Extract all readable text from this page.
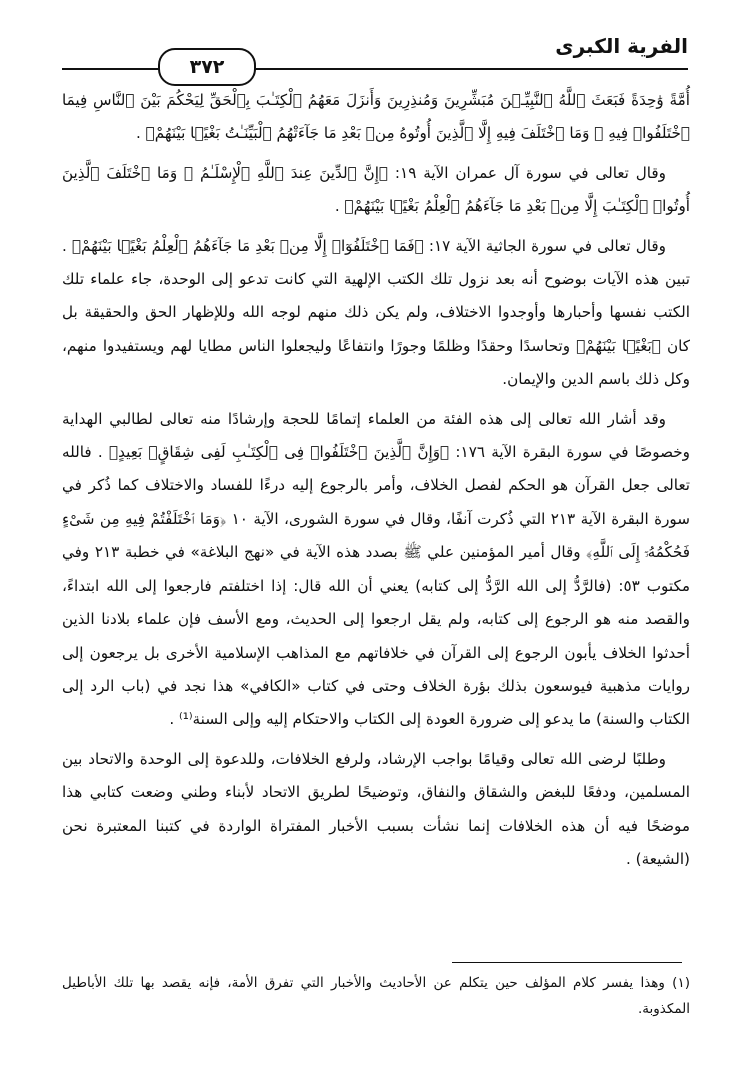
الفرية الكبرى
٣٧٢

أُمَّةً وَٰحِدَةً فَبَعَثَ ٱللَّهُ ٱلنَّبِيِّـۧنَ مُبَشِّرِينَ وَمُنذِرِينَ وَأَنزَلَ مَعَهُمُ ٱلْكِتَـٰبَ بِٱلْحَقِّ لِيَحْكُمَ بَيْنَ ٱلنَّاسِ فِيمَا ٱخْتَلَفُوا۟ فِيهِ ۚ وَمَا ٱخْتَلَفَ فِيهِ إِلَّا ٱلَّذِينَ أُوتُوهُ مِنۢ بَعْدِ مَا جَآءَتْهُمُ ٱلْبَيِّنَـٰتُ بَغْيًۢا بَيْنَهُمْ﴾ .

وقال تعالى في سورة آل عمران الآية ١٩: ﴿إِنَّ ٱلدِّينَ عِندَ ٱللَّهِ ٱلْإِسْلَـٰمُ ۗ وَمَا ٱخْتَلَفَ ٱلَّذِينَ أُوتُوا۟ ٱلْكِتَـٰبَ إِلَّا مِنۢ بَعْدِ مَا جَآءَهُمُ ٱلْعِلْمُ بَغْيًۢا بَيْنَهُمْ﴾ .

وقال تعالى في سورة الجاثية الآية ١٧: ﴿فَمَا ٱخْتَلَفُوٓا۟ إِلَّا مِنۢ بَعْدِ مَا جَآءَهُمُ ٱلْعِلْمُ بَغْيًۢا بَيْنَهُمْ﴾ . تبين هذه الآيات بوضوح أنه بعد نزول تلك الكتب الإلهية التي كانت تدعو إلى الوحدة، جاء علماء تلك الكتب نفسها وأحبارها وأوجدوا الاختلاف، ولم يكن ذلك منهم لوجه الله وللإظهار الحق والحقيقة بل كان ﴿بَغْيًۢا بَيْنَهُمْ﴾ وتحاسدًا وحقدًا وظلمًا وجورًا وانتفاعًا وليجعلوا الناس مطايا لهم ويستفيدوا منهم، وكل ذلك باسم الدين والإيمان.

وقد أشار الله تعالى إلى هذه الفئة من العلماء إتمامًا للحجة وإرشادًا منه تعالى لطالبي الهداية وخصوصًا في سورة البقرة الآية ١٧٦: ﴿وَإِنَّ ٱلَّذِينَ ٱخْتَلَفُوا۟ فِى ٱلْكِتَـٰبِ لَفِى شِقَاقٍۭ بَعِيدٍ﴾ . فالله تعالى جعل القرآن هو الحكم لفصل الخلاف، وأمر بالرجوع إليه درءًا للفساد والاختلاف كما ذُكر في سورة البقرة الآية ٢١٣ التي ذُكرت آنفًا، وقال في سورة الشورى، الآية ١٠ ﴿وَمَا ٱخْتَلَفْتُمْ فِيهِ مِن شَىْءٍ فَحُكْمُهُۥٓ إِلَى ٱللَّهِ﴾ وقال أمير المؤمنين علي ﷺ بصدد هذه الآية في «نهج البلاغة» في خطبة ٢١٣ وفي مكتوب ٥٣: (فالرَّدُّ إلى الله الرَّدُّ إلى كتابه) يعني أن الله قال: إذا اختلفتم فارجعوا إلى الله ابتداءً، والقصد منه هو الرجوع إلى كتابه، ولم يقل ارجعوا إلى الحديث، ومع الأسف فإن علماء بلادنا الذين أحدثوا الخلاف يأبون الرجوع إلى القرآن في خلافاتهم مع المذاهب الإسلامية الأخرى بل يرجعون إلى روايات مذهبية فيوسعون بذلك بؤرة الخلاف وحتى في كتاب «الكافي» هذا نجد في (باب الرد إلى الكتاب والسنة) ما يدعو إلى ضرورة العودة إلى الكتاب والاحتكام إليه وإلى السنة⁽¹⁾ .

وطلبًا لرضى الله تعالى وقيامًا بواجب الإرشاد، ولرفع الخلافات، وللدعوة إلى الوحدة والاتحاد بين المسلمين، ودفعًا للبغض والشقاق والنفاق، وتوضيحًا لطريق الاتحاد لأبناء وطني وضعت كتابي هذا موضحًا فيه أن هذه الخلافات إنما نشأت بسبب الأخبار المفتراة الواردة في كتبنا المعتبرة نحن (الشيعة) .

(١) وهذا يفسر كلام المؤلف حين يتكلم عن الأحاديث والأخبار التي تفرق الأمة، فإنه يقصد بها تلك الأباطيل المكذوبة.
